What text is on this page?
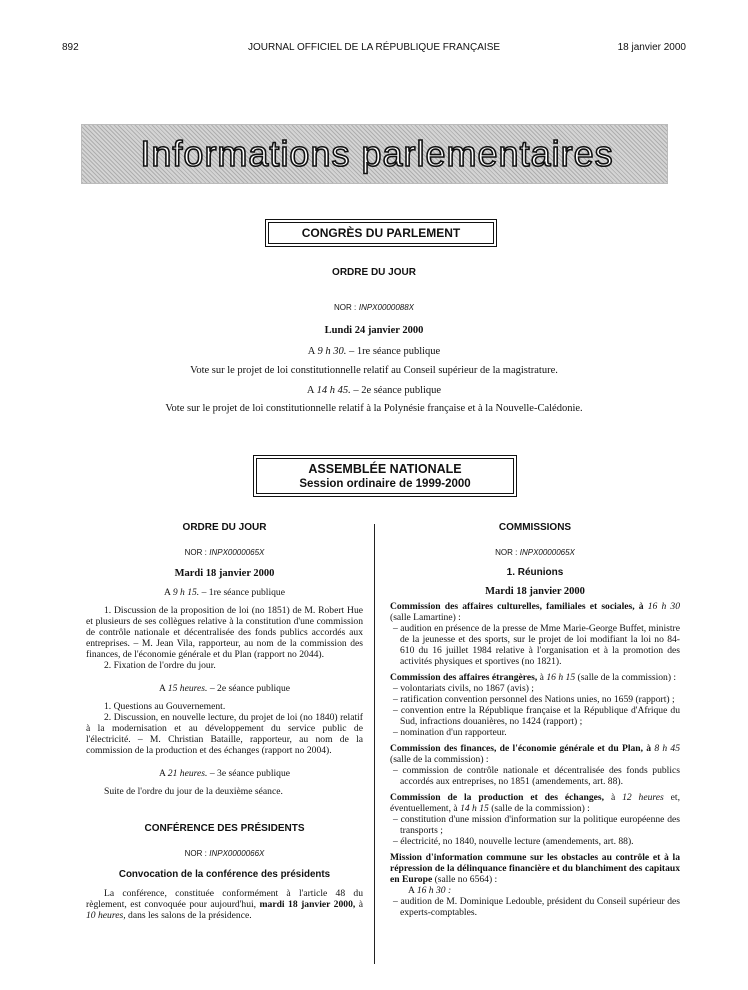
892	JOURNAL OFFICIEL DE LA RÉPUBLIQUE FRANÇAISE	18 janvier 2000
Informations parlementaires
CONGRÈS DU PARLEMENT
ORDRE DU JOUR
NOR : INPX0000088X
Lundi 24 janvier 2000
A 9 h 30. – 1re séance publique
Vote sur le projet de loi constitutionnelle relatif au Conseil supérieur de la magistrature.
A 14 h 45. – 2e séance publique
Vote sur le projet de loi constitutionnelle relatif à la Polynésie française et à la Nouvelle-Calédonie.
ASSEMBLÉE NATIONALE
Session ordinaire de 1999-2000

ORDRE DU JOUR

NOR : INPX0000065X

Mardi 18 janvier 2000

A 9 h 15. – 1re séance publique

1. Discussion de la proposition de loi (no 1851) de M. Robert Hue et plusieurs de ses collègues relative à la constitution d'une commission de contrôle nationale et décentralisée des fonds publics accordés aux entreprises. – M. Jean Vila, rapporteur, au nom de la commission des finances, de l'économie générale et du Plan (rapport no 2044).

2. Fixation de l'ordre du jour.

A 15 heures. – 2e séance publique

1. Questions au Gouvernement.

2. Discussion, en nouvelle lecture, du projet de loi (no 1840) relatif à la modernisation et au développement du service public de l'électricité. – M. Christian Bataille, rapporteur, au nom de la commission de la production et des échanges (rapport no 2004).

A 21 heures. – 3e séance publique

Suite de l'ordre du jour de la deuxième séance.

CONFÉRENCE DES PRÉSIDENTS

NOR : INPX0000066X

Convocation de la conférence des présidents

La conférence, constituée conformément à l'article 48 du règlement, est convoquée pour aujourd'hui, mardi 18 janvier 2000, à 10 heures, dans les salons de la présidence.

COMMISSIONS

NOR : INPX0000065X

1. Réunions

Mardi 18 janvier 2000

Commission des affaires culturelles, familiales et sociales, à 16 h 30 (salle Lamartine) :

– audition en présence de la presse de Mme Marie-George Buffet, ministre de la jeunesse et des sports, sur le projet de loi modifiant la loi no 84-610 du 16 juillet 1984 relative à l'organisation et à la promotion des activités physiques et sportives (no 1821).

Commission des affaires étrangères, à 16 h 15 (salle de la commission) :

– volontariats civils, no 1867 (avis) ;

– ratification convention personnel des Nations unies, no 1659 (rapport) ;

– convention entre la République française et la République d'Afrique du Sud, infractions douanières, no 1424 (rapport) ;

– nomination d'un rapporteur.

Commission des finances, de l'économie générale et du Plan, à 8 h 45 (salle de la commission) :

– commission de contrôle nationale et décentralisée des fonds publics accordés aux entreprises, no 1851 (amendements, art. 88).

Commission de la production et des échanges, à 12 heures et, éventuellement, à 14 h 15 (salle de la commission) :

– constitution d'une mission d'information sur la politique européenne des transports ;

– électricité, no 1840, nouvelle lecture (amendements, art. 88).

Mission d'information commune sur les obstacles au contrôle et à la répression de la délinquance financière et du blanchiment des capitaux en Europe (salle no 6564) :

A 16 h 30 :

– audition de M. Dominique Ledouble, président du Conseil supérieur des experts-comptables.
